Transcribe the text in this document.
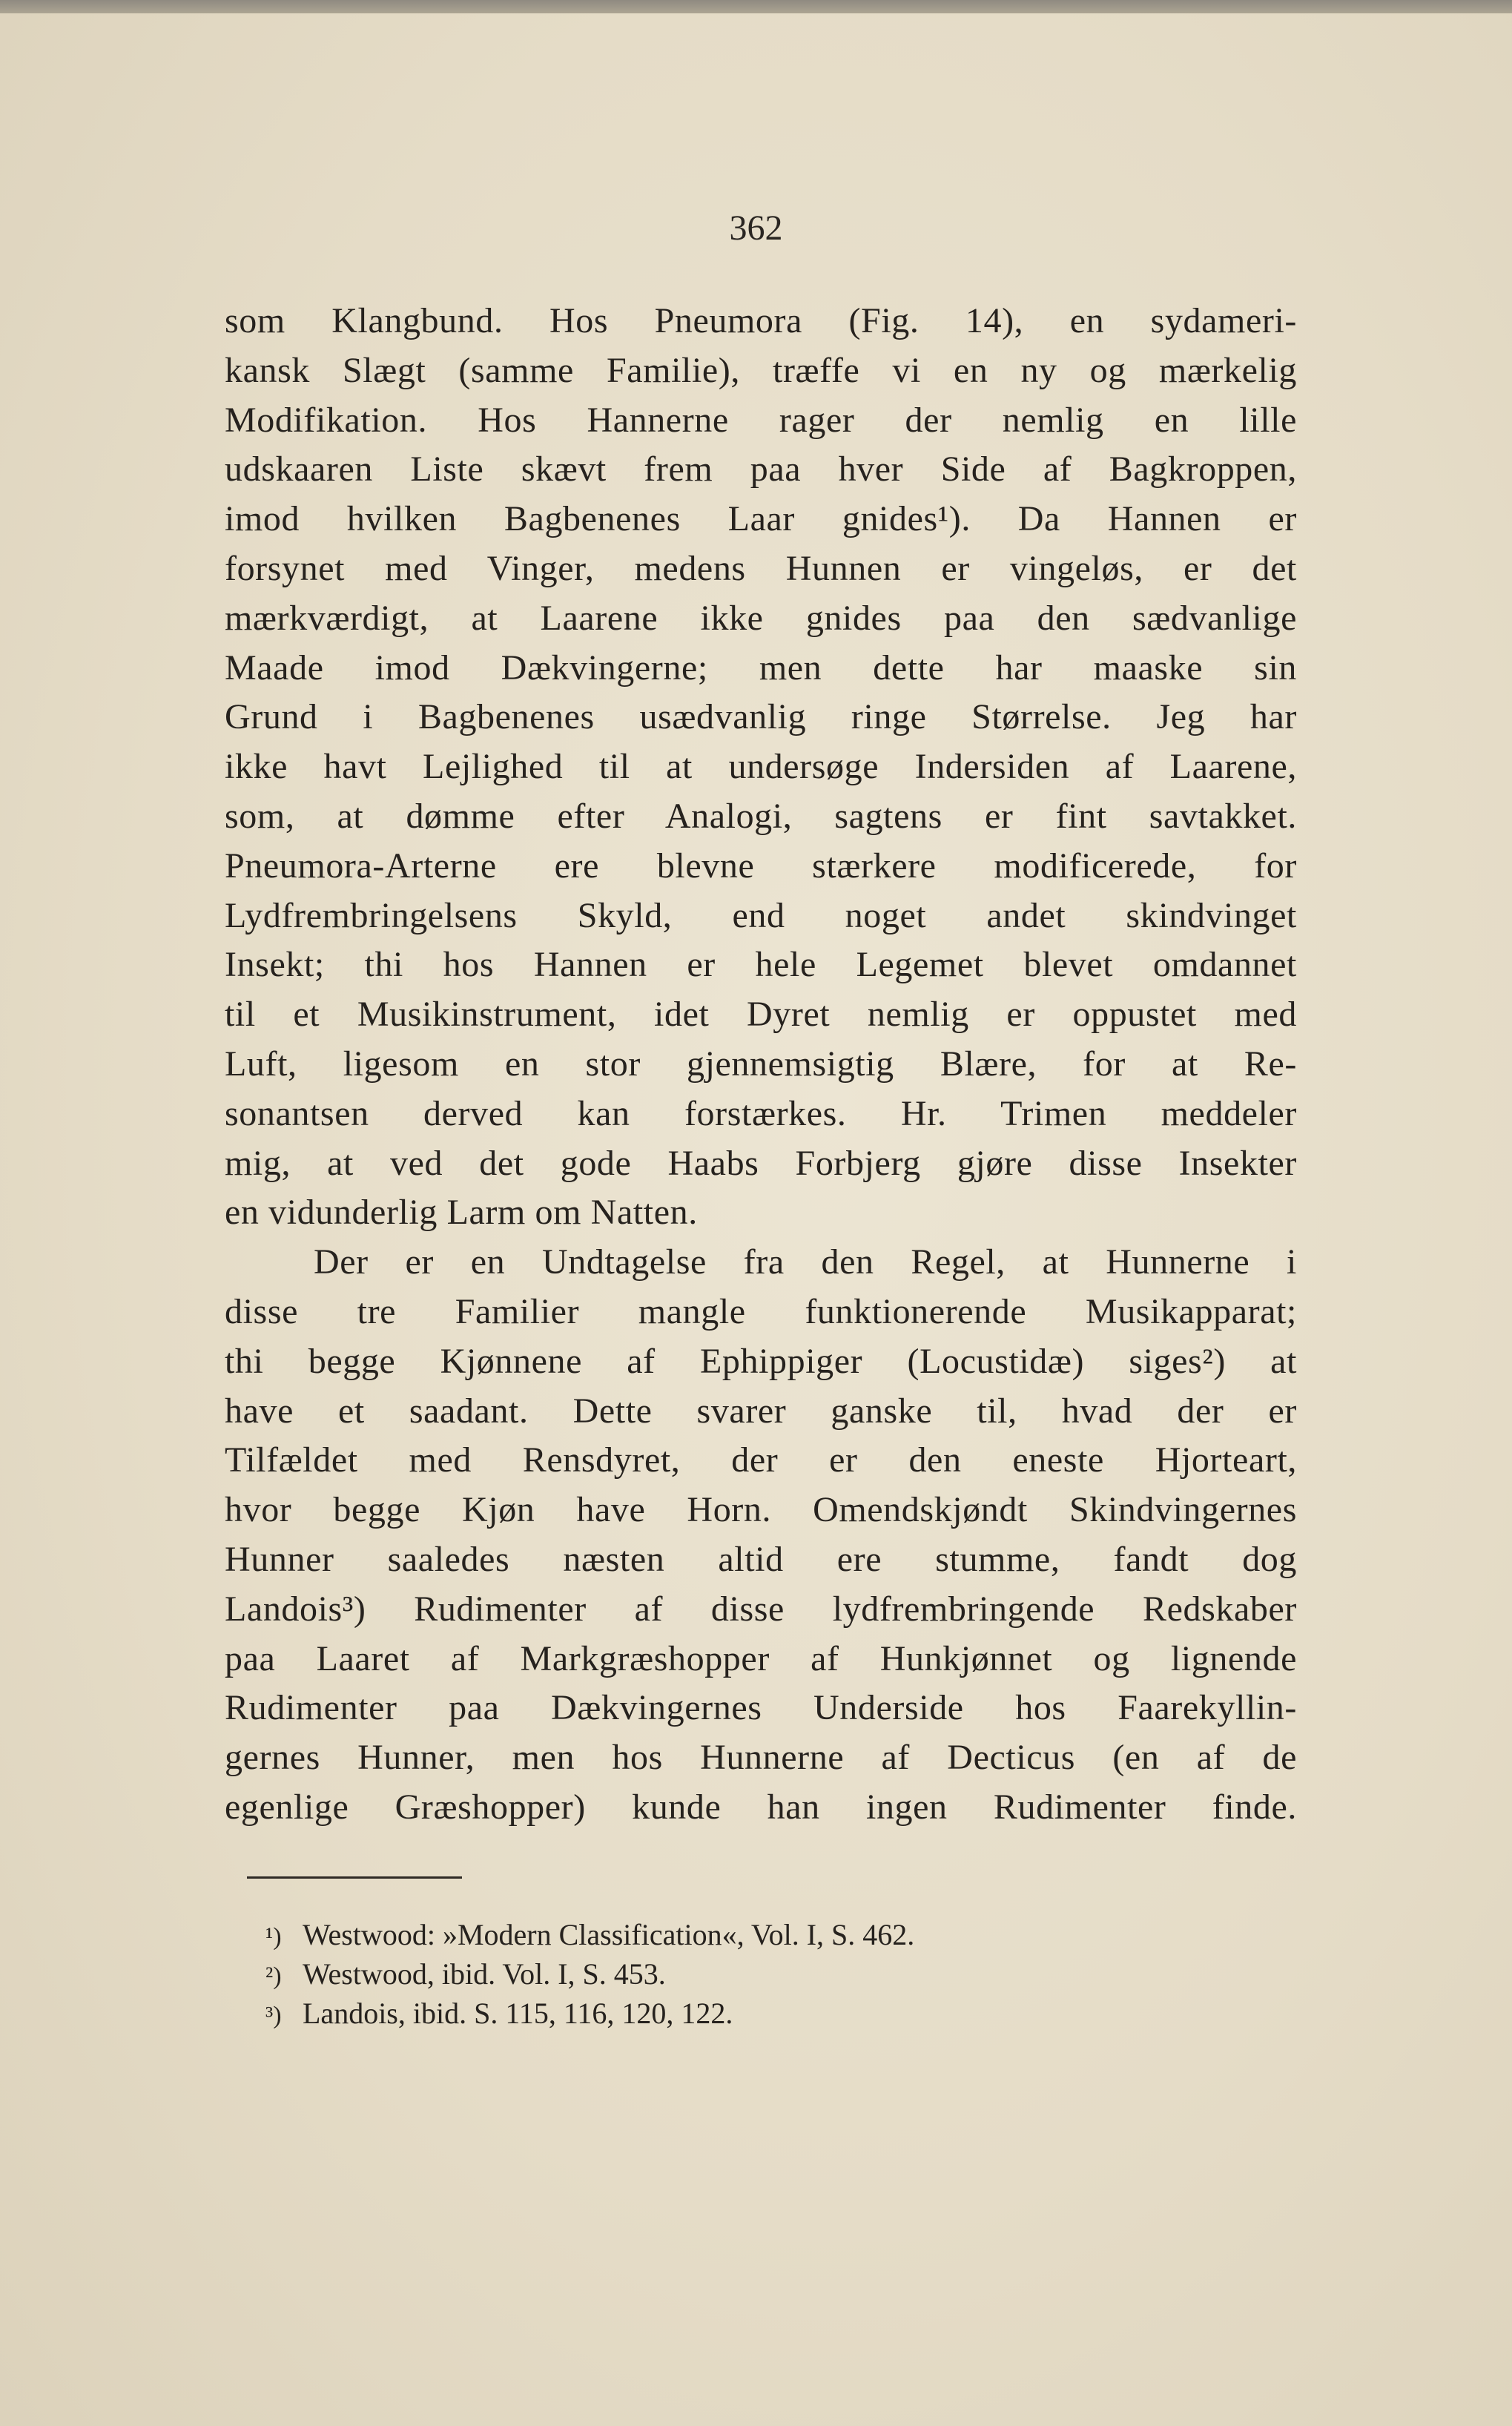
362
som Klangbund. Hos Pneumora (Fig. 14), en sydameri-
kansk Slægt (samme Familie), træffe vi en ny og mærkelig
Modifikation. Hos Hannerne rager der nemlig en lille
udskaaren Liste skævt frem paa hver Side af Bagkroppen,
imod hvilken Bagbenenes Laar gnides¹). Da Hannen er
forsynet med Vinger, medens Hunnen er vingeløs, er det
mærkværdigt, at Laarene ikke gnides paa den sædvanlige
Maade imod Dækvingerne; men dette har maaske sin
Grund i Bagbenenes usædvanlig ringe Størrelse. Jeg har
ikke havt Lejlighed til at undersøge Indersiden af Laarene,
som, at dømme efter Analogi, sagtens er fint savtakket.
Pneumora-Arterne ere blevne stærkere modificerede, for
Lydfrembringelsens Skyld, end noget andet skindvinget
Insekt; thi hos Hannen er hele Legemet blevet omdannet
til et Musikinstrument, idet Dyret nemlig er oppustet med
Luft, ligesom en stor gjennemsigtig Blære, for at Re-
sonantsen derved kan forstærkes. Hr. Trimen meddeler
mig, at ved det gode Haabs Forbjerg gjøre disse Insekter
en vidunderlig Larm om Natten.
Der er en Undtagelse fra den Regel, at Hunnerne i
disse tre Familier mangle funktionerende Musikapparat;
thi begge Kjønnene af Ephippiger (Locustidæ) siges²) at
have et saadant. Dette svarer ganske til, hvad der er
Tilfældet med Rensdyret, der er den eneste Hjorteart,
hvor begge Kjøn have Horn. Omendskjøndt Skindvingernes
Hunner saaledes næsten altid ere stumme, fandt dog
Landois³) Rudimenter af disse lydfrembringende Redskaber
paa Laaret af Markgræshopper af Hunkjønnet og lignende
Rudimenter paa Dækvingernes Underside hos Faarekyllin-
gernes Hunner, men hos Hunnerne af Decticus (en af de
egenlige Græshopper) kunde han ingen Rudimenter finde.
¹) Westwood: »Modern Classification«, Vol. I, S. 462.
²) Westwood, ibid. Vol. I, S. 453.
³) Landois, ibid. S. 115, 116, 120, 122.
